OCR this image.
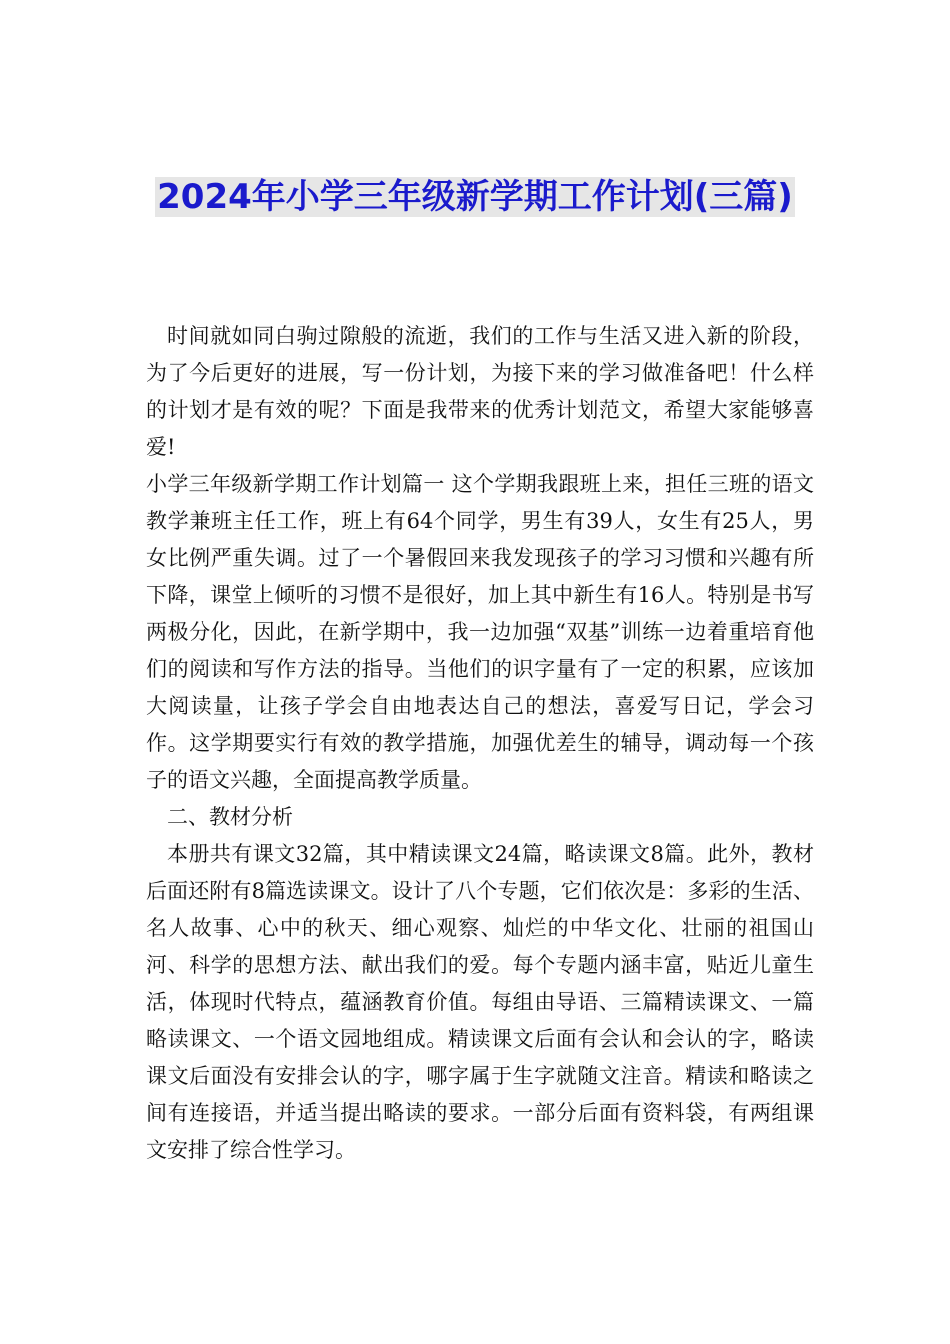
2024年小学三年级新学期工作计划(三篇)

时间就如同白驹过隙般的流逝，我们的工作与生活又进入新的阶段，为了今后更好的进展，写一份计划，为接下来的学习做准备吧！什么样的计划才是有效的呢？下面是我带来的优秀计划范文，希望大家能够喜爱!

小学三年级新学期工作计划篇一 这个学期我跟班上来，担任三班的语文教学兼班主任工作，班上有64个同学，男生有39人，女生有25人，男女比例严重失调。过了一个暑假回来我发现孩子的学习习惯和兴趣有所下降，课堂上倾听的习惯不是很好，加上其中新生有16人。特别是书写两极分化，因此，在新学期中，我一边加强“双基”训练一边着重培育他们的阅读和写作方法的指导。当他们的识字量有了一定的积累，应该加大阅读量，让孩子学会自由地表达自己的想法，喜爱写日记，学会习作。这学期要实行有效的教学措施，加强优差生的辅导，调动每一个孩子的语文兴趣，全面提高教学质量。

二、教材分析

本册共有课文32篇，其中精读课文24篇，略读课文8篇。此外，教材后面还附有8篇选读课文。设计了八个专题，它们依次是：多彩的生活、名人故事、心中的秋天、细心观察、灿烂的中华文化、壮丽的祖国山河、科学的思想方法、献出我们的爱。每个专题内涵丰富，贴近儿童生活，体现时代特点，蕴涵教育价值。每组由导语、三篇精读课文、一篇略读课文、一个语文园地组成。精读课文后面有会认和会认的字，略读课文后面没有安排会认的字，哪字属于生字就随文注音。精读和略读之间有连接语，并适当提出略读的要求。一部分后面有资料袋，有两组课文安排了综合性学习。
